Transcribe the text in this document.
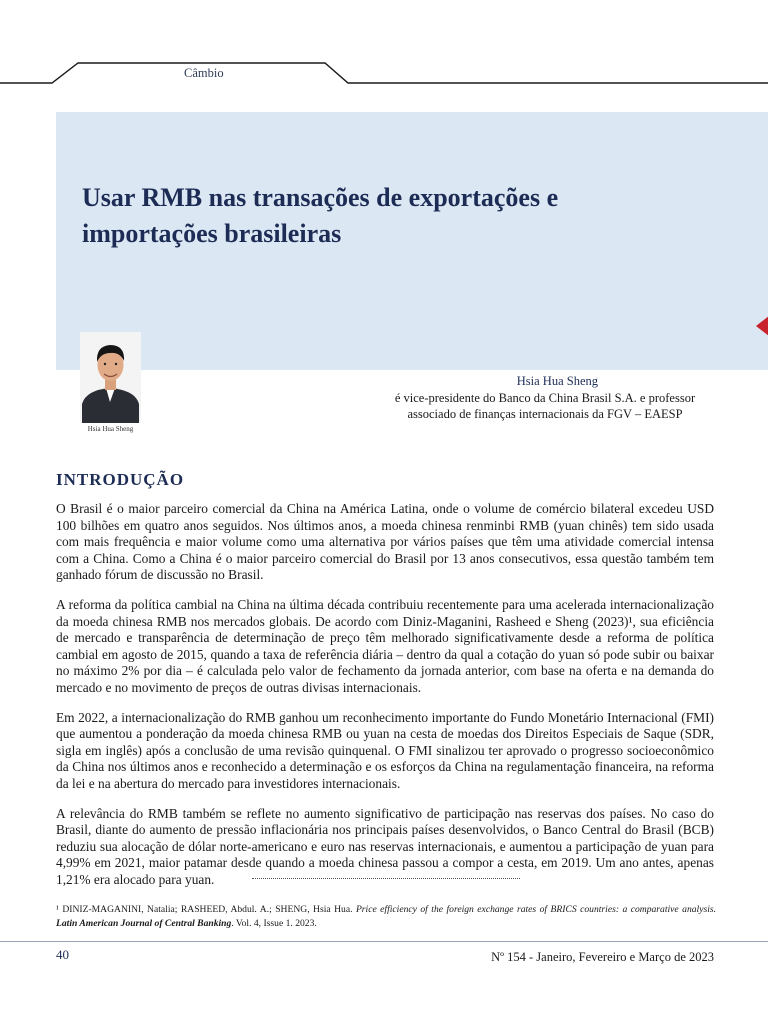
Câmbio
Usar RMB nas transações de exportações e importações brasileiras
Hsia Hua Sheng
Hsia Hua Sheng
é vice-presidente do Banco da China Brasil S.A. e professor
associado de finanças internacionais da FGV – EAESP
INTRODUÇÃO

O Brasil é o maior parceiro comercial da China na América Latina, onde o volume de comércio bilateral excedeu USD 100 bilhões em quatro anos seguidos. Nos últimos anos, a moeda chinesa renminbi RMB (yuan chinês) tem sido usada com mais frequência e maior volume como uma alternativa por vários países que têm uma atividade comercial intensa com a China. Como a China é o maior parceiro comercial do Brasil por 13 anos consecutivos, essa questão também tem ganhado fórum de discussão no Brasil.

A reforma da política cambial na China na última década contribuiu recentemente para uma acelerada internacionalização da moeda chinesa RMB nos mercados globais. De acordo com Diniz-Maganini, Rasheed e Sheng (2023)¹, sua eficiência de mercado e transparência de determinação de preço têm melhorado significativamente desde a reforma de política cambial em agosto de 2015, quando a taxa de referência diária – dentro da qual a cotação do yuan só pode subir ou baixar no máximo 2% por dia – é calculada pelo valor de fechamento da jornada anterior, com base na oferta e na demanda do mercado e no movimento de preços de outras divisas internacionais.

Em 2022, a internacionalização do RMB ganhou um reconhecimento importante do Fundo Monetário Internacional (FMI) que aumentou a ponderação da moeda chinesa RMB ou yuan na cesta de moedas dos Direitos Especiais de Saque (SDR, sigla em inglês) após a conclusão de uma revisão quinquenal. O FMI sinalizou ter aprovado o progresso socioeconômico da China nos últimos anos e reconhecido a determinação e os esforços da China na regulamentação financeira, na reforma da lei e na abertura do mercado para investidores internacionais.

A relevância do RMB também se reflete no aumento significativo de participação nas reservas dos países. No caso do Brasil, diante do aumento de pressão inflacionária nos principais países desenvolvidos, o Banco Central do Brasil (BCB) reduziu sua alocação de dólar norte-americano e euro nas reservas internacionais, e aumentou a participação de yuan para 4,99% em 2021, maior patamar desde quando a moeda chinesa passou a compor a cesta, em 2019. Um ano antes, apenas 1,21% era alocado para yuan.

¹ DINIZ-MAGANINI, Natalia; RASHEED, Abdul. A.; SHENG, Hsia Hua. Price efficiency of the foreign exchange rates of BRICS countries: a comparative analysis. Latin American Journal of Central Banking. Vol. 4, Issue 1. 2023.

40	Nº 154 - Janeiro, Fevereiro e Março de 2023
